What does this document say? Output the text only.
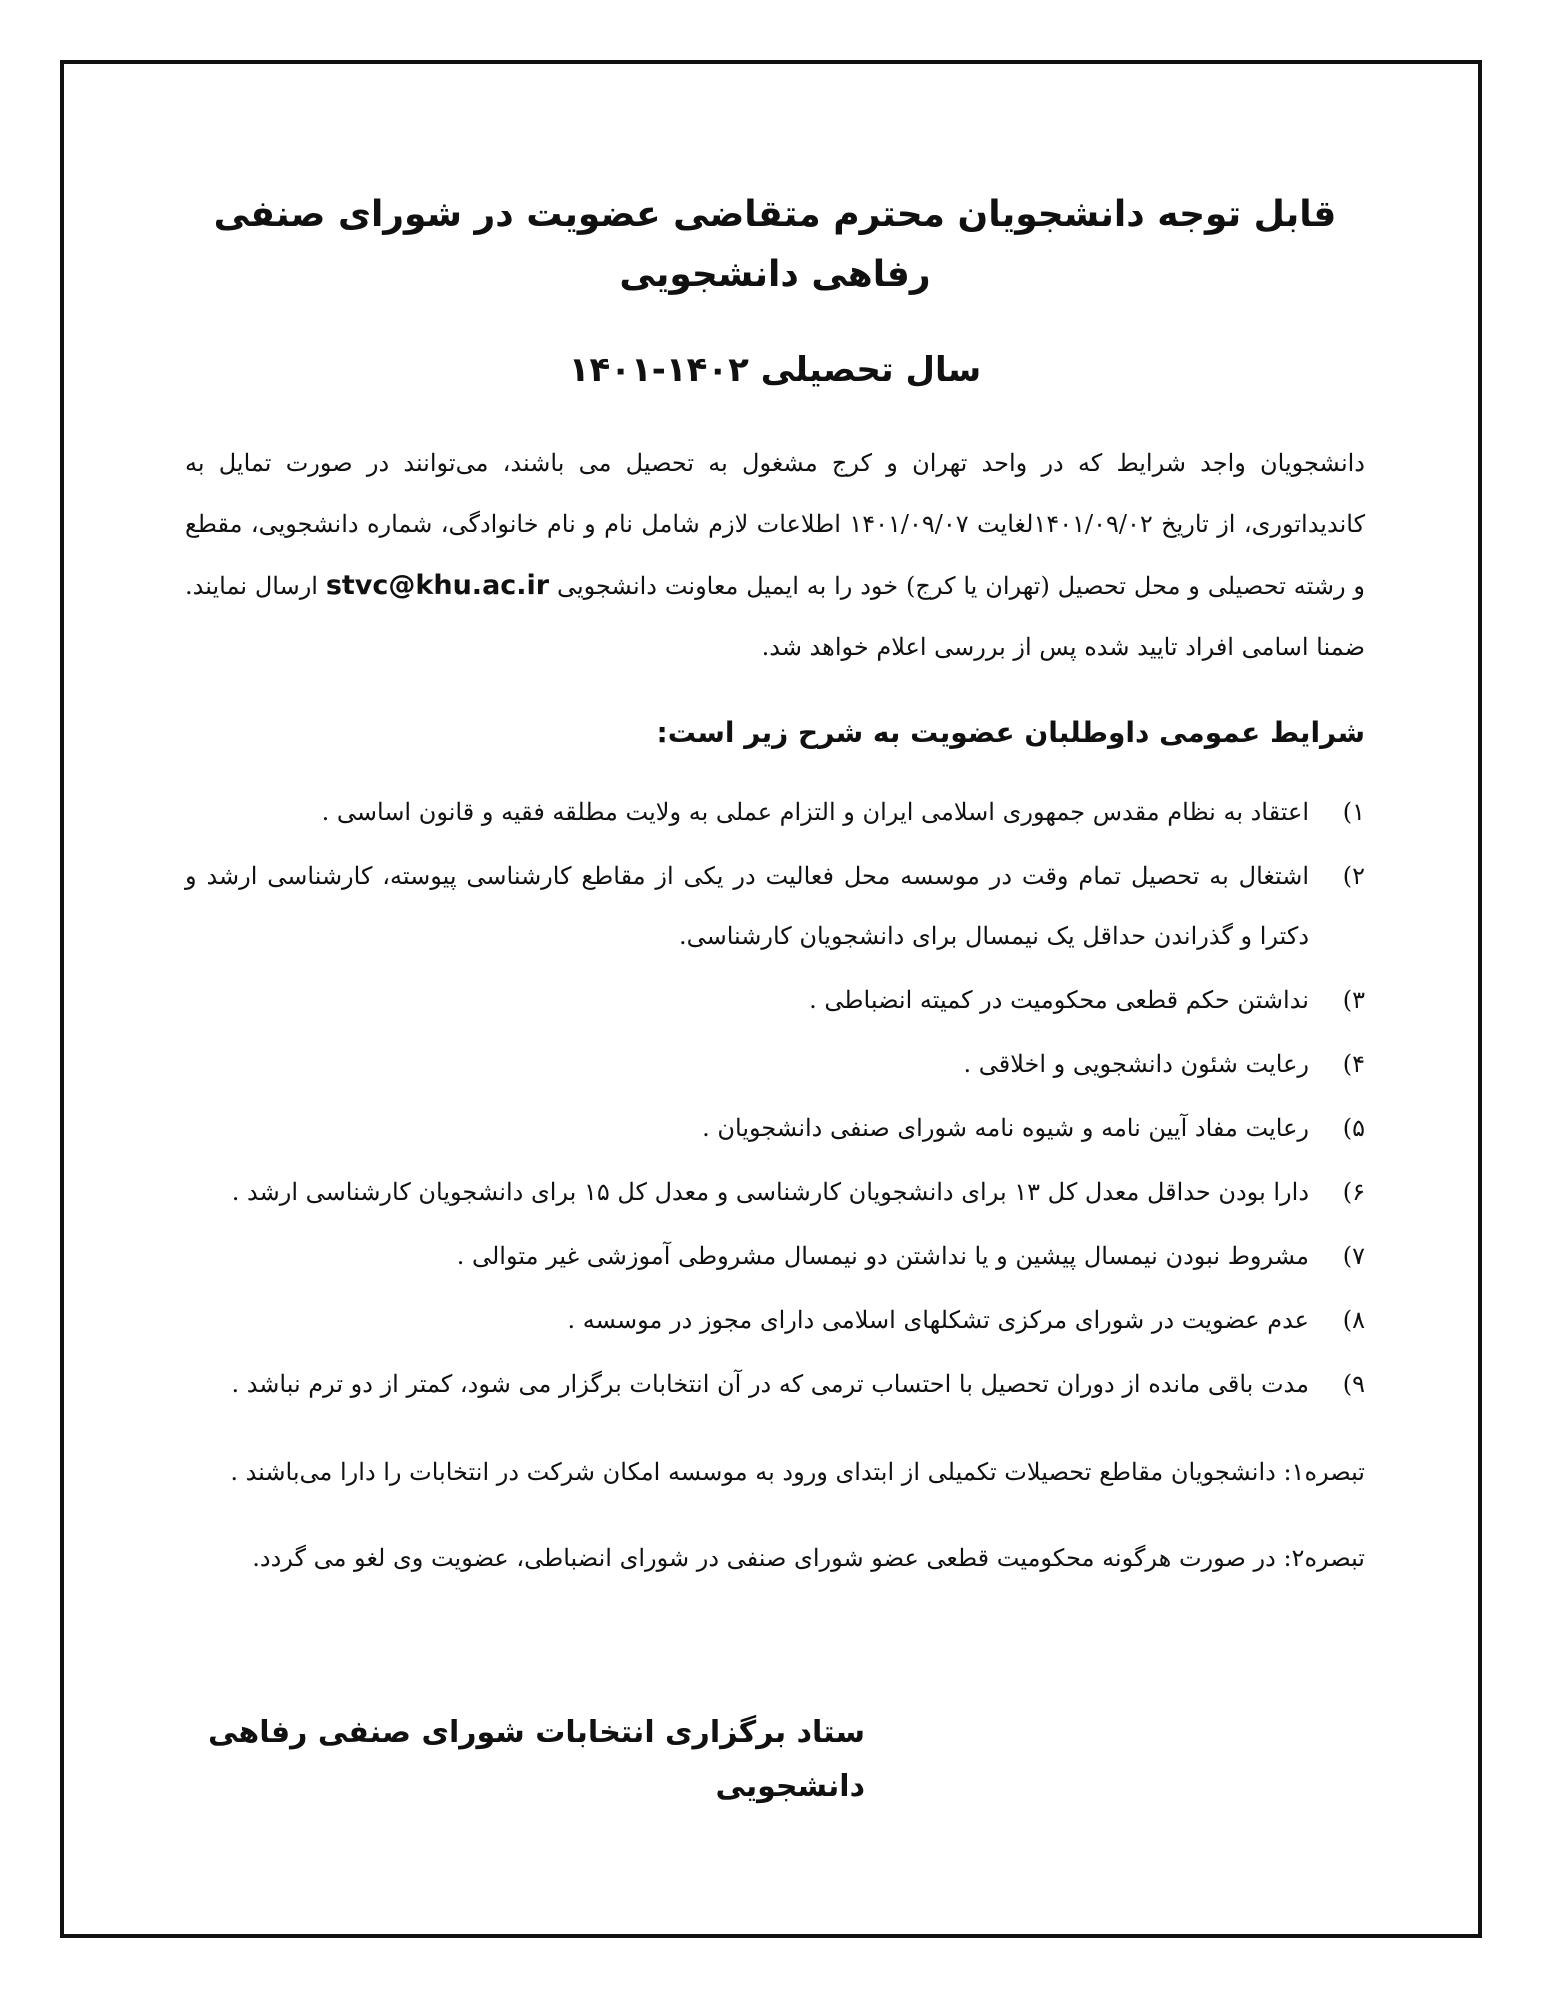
قابل توجه دانشجویان محترم متقاضی عضویت در شورای صنفی رفاهی دانشجویی
سال تحصیلی ۱۴۰۲-۱۴۰۱

دانشجویان واجد شرایط که در واحد تهران و کرج مشغول به تحصیل می باشند، می‌توانند در صورت تمایل به کاندیداتوری، از تاریخ ۱۴۰۱/۰۹/۰۲لغایت ۱۴۰۱/۰۹/۰۷ اطلاعات لازم شامل نام و نام خانوادگی، شماره دانشجویی، مقطع و رشته تحصیلی و محل تحصیل (تهران یا کرج) خود را به ایمیل معاونت دانشجویی stvc@khu.ac.ir ارسال نمایند. ضمنا اسامی افراد تایید شده پس از بررسی اعلام خواهد شد.

شرایط عمومی داوطلبان عضویت به شرح زیر است:
۱)
اعتقاد به نظام مقدس جمهوری اسلامی ایران و التزام عملی به ولایت مطلقه فقیه و قانون اساسی .
۲)
اشتغال به تحصیل تمام وقت در موسسه محل فعالیت در یکی از مقاطع کارشناسی پیوسته، کارشناسی ارشد و دکترا و گذراندن حداقل یک نیمسال برای دانشجویان کارشناسی.
۳)
نداشتن حکم قطعی محکومیت در کمیته انضباطی .
۴)
رعایت شئون دانشجویی و اخلاقی .
۵)
رعایت مفاد آیین نامه و شیوه نامه شورای صنفی دانشجویان .
۶)
دارا بودن حداقل معدل کل ۱۳ برای دانشجویان کارشناسی و معدل کل ۱۵ برای دانشجویان کارشناسی ارشد .
۷)
مشروط نبودن نیمسال پیشین و یا نداشتن دو نیمسال مشروطی آموزشی غیر متوالی .
۸)
عدم عضویت در شورای مرکزی تشکلهای اسلامی دارای مجوز در موسسه .
۹)
مدت باقی مانده از دوران تحصیل با احتساب ترمی که در آن انتخابات برگزار می شود، کمتر از دو ترم نباشد .

تبصره۱: دانشجویان مقاطع تحصیلات تکمیلی از ابتدای ورود به موسسه امکان شرکت در انتخابات را دارا می‌باشند .

تبصره۲: در صورت هرگونه محکومیت قطعی عضو شورای صنفی در شورای انضباطی، عضویت وی لغو می گردد.

ستاد برگزاری انتخابات شورای صنفی رفاهی دانشجویی
